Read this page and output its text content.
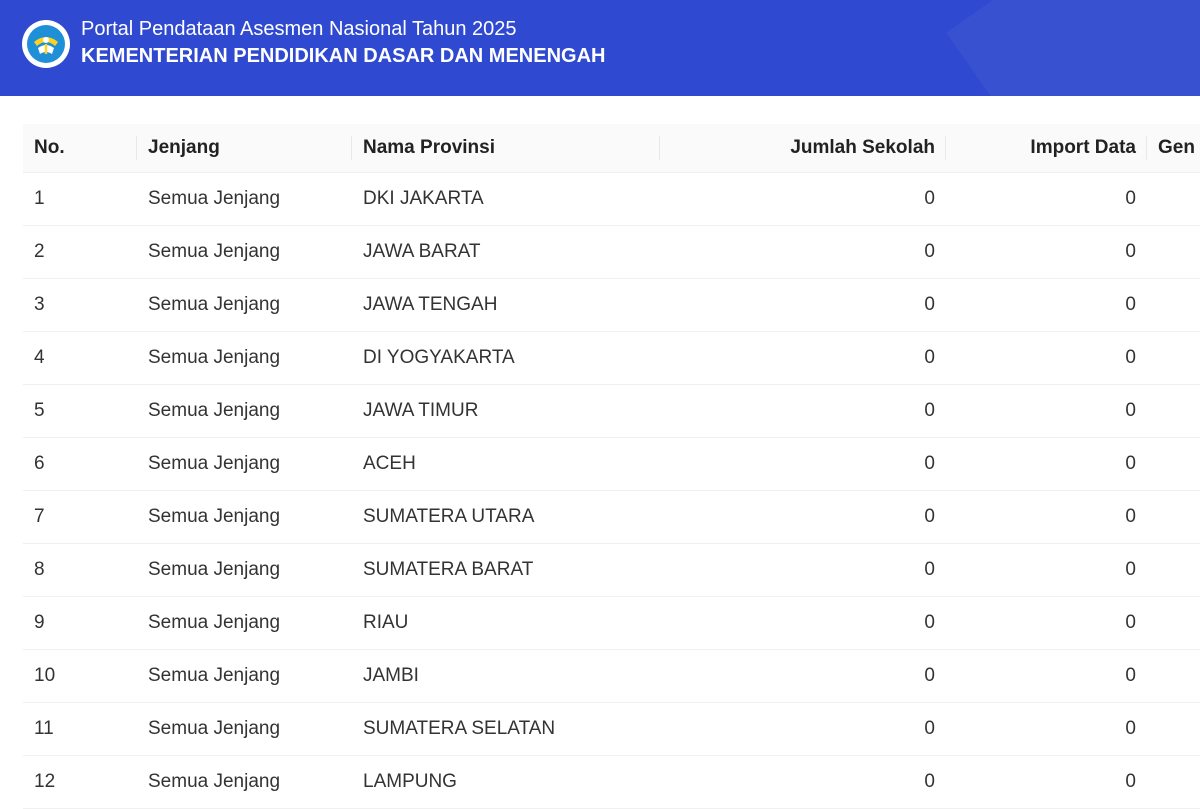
Portal Pendataan Asesmen Nasional Tahun 2025
KEMENTERIAN PENDIDIKAN DASAR DAN MENENGAH
No.	Jenjang	Nama Provinsi	Jumlah Sekolah	Import Data	Gen
1	Semua Jenjang	DKI JAKARTA	0	0	
2	Semua Jenjang	JAWA BARAT	0	0	
3	Semua Jenjang	JAWA TENGAH	0	0	
4	Semua Jenjang	DI YOGYAKARTA	0	0	
5	Semua Jenjang	JAWA TIMUR	0	0	
6	Semua Jenjang	ACEH	0	0	
7	Semua Jenjang	SUMATERA UTARA	0	0	
8	Semua Jenjang	SUMATERA BARAT	0	0	
9	Semua Jenjang	RIAU	0	0	
10	Semua Jenjang	JAMBI	0	0	
11	Semua Jenjang	SUMATERA SELATAN	0	0	
12	Semua Jenjang	LAMPUNG	0	0	
